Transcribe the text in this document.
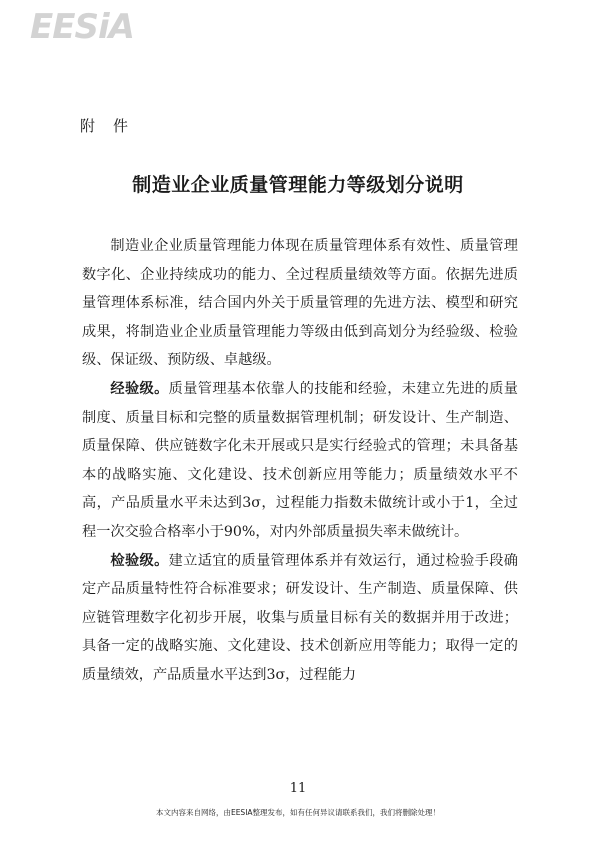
EESiA
附件
制造业企业质量管理能力等级划分说明

制造业企业质量管理能力体现在质量管理体系有效性、质量管理数字化、企业持续成功的能力、全过程质量绩效等方面。依据先进质量管理体系标准，结合国内外关于质量管理的先进方法、模型和研究成果，将制造业企业质量管理能力等级由低到高划分为经验级、检验级、保证级、预防级、卓越级。

经验级。质量管理基本依靠人的技能和经验，未建立先进的质量制度、质量目标和完整的质量数据管理机制；研发设计、生产制造、质量保障、供应链数字化未开展或只是实行经验式的管理；未具备基本的战略实施、文化建设、技术创新应用等能力；质量绩效水平不高，产品质量水平未达到3σ，过程能力指数未做统计或小于1，全过程一次交验合格率小于90%，对内外部质量损失率未做统计。

检验级。建立适宜的质量管理体系并有效运行，通过检验手段确定产品质量特性符合标准要求；研发设计、生产制造、质量保障、供应链管理数字化初步开展，收集与质量目标有关的数据并用于改进；具备一定的战略实施、文化建设、技术创新应用等能力；取得一定的质量绩效，产品质量水平达到3σ，过程能力

11
本文内容来自网络，由EESIA整理发布，如有任何异议请联系我们，我们将删除处理！
